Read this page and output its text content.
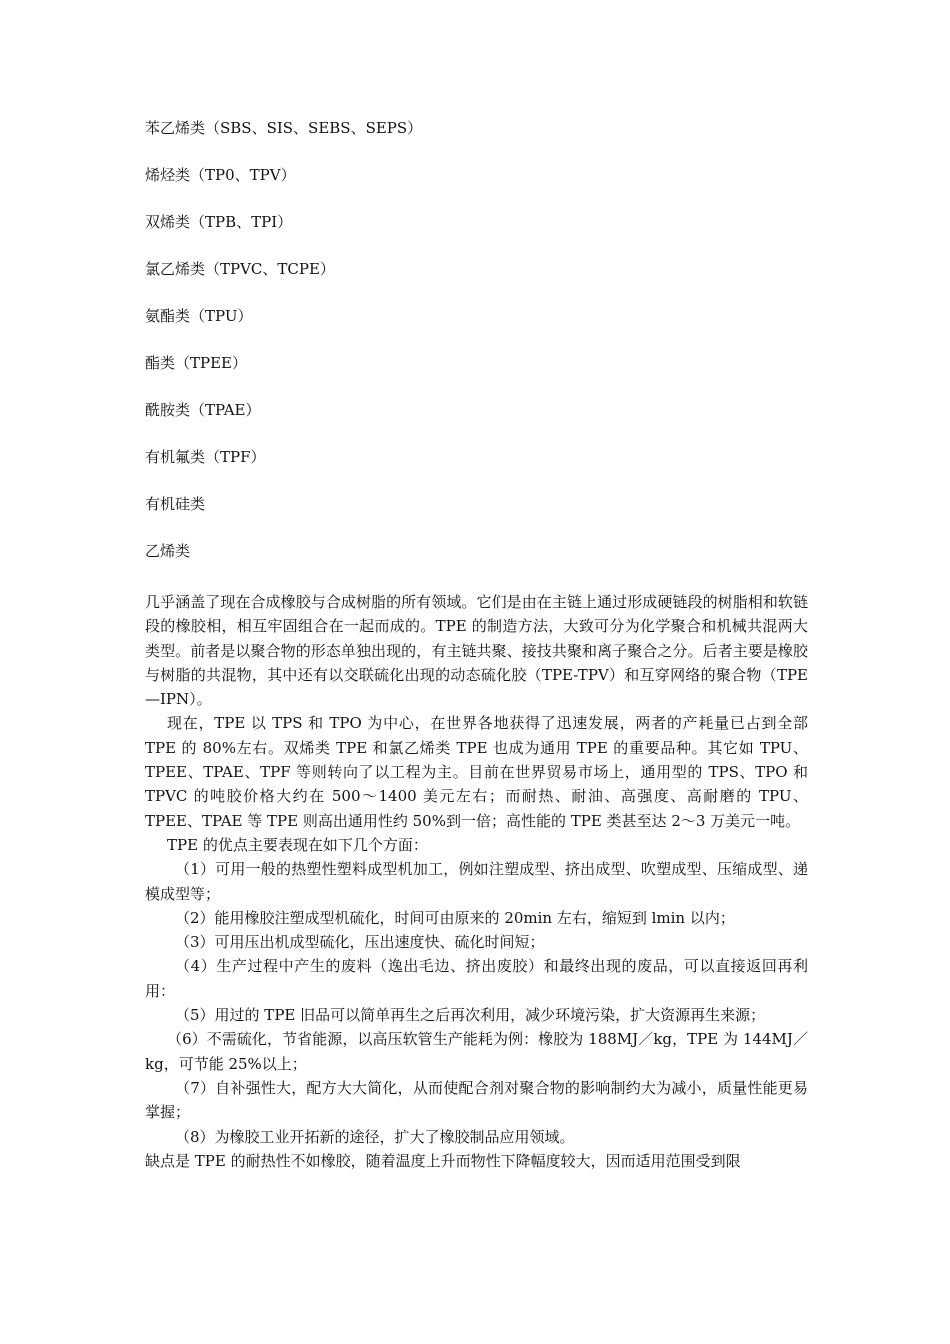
苯乙烯类（SBS、SIS、SEBS、SEPS）
烯烃类（TP0、TPV）
双烯类（TPB、TPI）
氯乙烯类（TPVC、TCPE）
氨酯类（TPU）
酯类（TPEE）
酰胺类（TPAE）
有机氟类（TPF）
有机硅类
乙烯类

几乎涵盖了现在合成橡胶与合成树脂的所有领域。它们是由在主链上通过形成硬链段的树脂相和软链段的橡胶相，相互牢固组合在一起而成的。TPE 的制造方法，大致可分为化学聚合和机械共混两大类型。前者是以聚合物的形态单独出现的，有主链共聚、接技共聚和离子聚合之分。后者主要是橡胶与树脂的共混物，其中还有以交联硫化出现的动态硫化胶（TPE-TPV）和互穿网络的聚合物（TPE—IPN）。

现在，TPE 以 TPS 和 TPO 为中心，在世界各地获得了迅速发展，两者的产耗量已占到全部 TPE 的 80%左右。双烯类 TPE 和氯乙烯类 TPE 也成为通用 TPE 的重要品种。其它如 TPU、TPEE、TPAE、TPF 等则转向了以工程为主。目前在世界贸易市场上，通用型的 TPS、TPO 和 TPVC 的吨胶价格大约在 500～1400 美元左右；而耐热、耐油、高强度、高耐磨的 TPU、TPEE、TPAE 等 TPE 则高出通用性约 50%到一倍；高性能的 TPE 类甚至达 2～3 万美元一吨。

TPE 的优点主要表现在如下几个方面：

（1）可用一般的热塑性塑料成型机加工，例如注塑成型、挤出成型、吹塑成型、压缩成型、递模成型等；

（2）能用橡胶注塑成型机硫化，时间可由原来的 20min 左右，缩短到 lmin 以内；

（3）可用压出机成型硫化，压出速度快、硫化时间短；

（4）生产过程中产生的废料（逸出毛边、挤出废胶）和最终出现的废品，可以直接返回再利用：

（5）用过的 TPE 旧品可以简单再生之后再次利用，减少环境污染，扩大资源再生来源；

（6）不需硫化，节省能源，以高压软管生产能耗为例：橡胶为 188MJ／kg，TPE 为 144MJ／kg，可节能 25%以上；

（7）自补强性大，配方大大简化，从而使配合剂对聚合物的影响制约大为减小，质量性能更易掌握；

（8）为橡胶工业开拓新的途径，扩大了橡胶制品应用领域。

缺点是 TPE 的耐热性不如橡胶，随着温度上升而物性下降幅度较大，因而适用范围受到限
